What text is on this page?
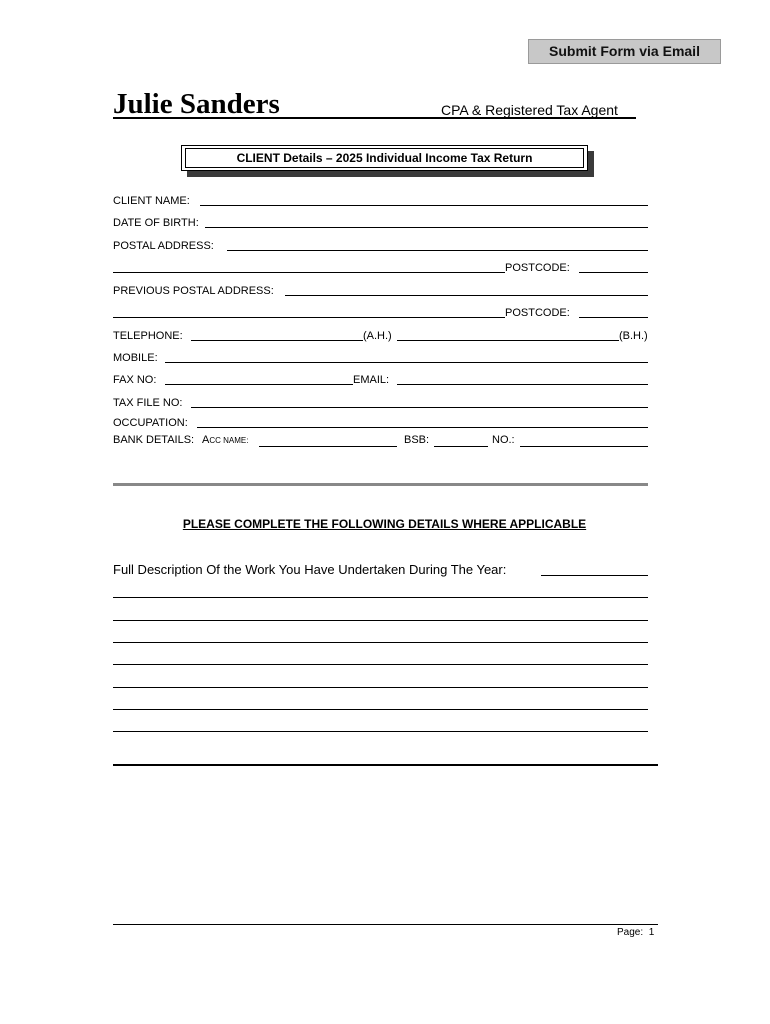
Submit Form via Email
Julie Sanders	CPA & Registered Tax Agent
CLIENT Details – 2025 Individual Income Tax Return
CLIENT NAME:
DATE OF BIRTH:
POSTAL ADDRESS:
POSTCODE:
PREVIOUS POSTAL ADDRESS:
POSTCODE:
TELEPHONE:	(A.H.)	(B.H.)
MOBILE:
FAX NO:	EMAIL:
TAX FILE NO:
OCCUPATION:
BANK DETAILS: ACC NAME:	BSB:	NO.:
PLEASE COMPLETE THE FOLLOWING DETAILS WHERE APPLICABLE
Full Description Of the Work You Have Undertaken During The Year:
Page: 1
